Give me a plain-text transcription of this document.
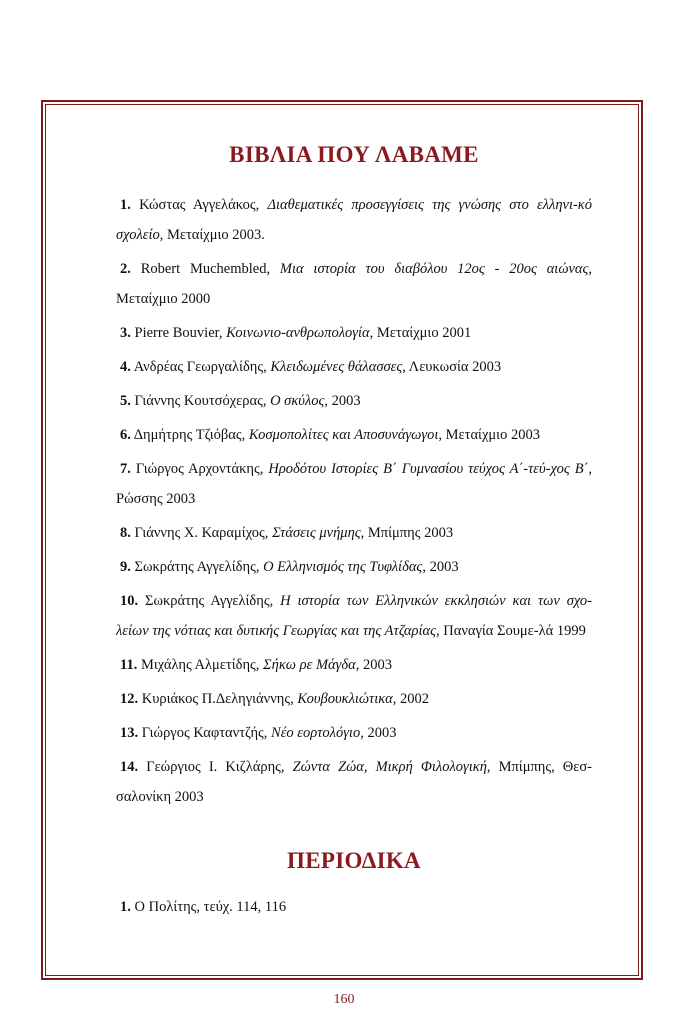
ΒΙΒΛΙΑ ΠΟΥ ΛΑΒΑΜΕ
1. Κώστας Αγγελάκος, Διαθεματικές προσεγγίσεις της γνώσης στο ελληνι-κό σχολείο, Μεταίχμιο 2003.
2. Robert Muchembled, Μια ιστορία του διαβόλου 12ος - 20ος αιώνας, Μεταίχμιο 2000
3. Pierre Bouvier, Κοινωνιο-ανθρωπολογία, Μεταίχμιο 2001
4. Ανδρέας Γεωργαλίδης, Κλειδωμένες θάλασσες, Λευκωσία 2003
5. Γιάννης Κουτσόχερας, Ο σκύλος, 2003
6. Δημήτρης Τζιόβας, Κοσμοπολίτες και Αποσυνάγωγοι, Μεταίχμιο 2003
7. Γιώργος Αρχοντάκης, Ηροδότου Ιστορίες Β΄ Γυμνασίου τεύχος Α΄-τεύ-χος Β΄, Ρώσσης 2003
8. Γιάννης Χ. Καραμίχος, Στάσεις μνήμης, Μπίμπης 2003
9. Σωκράτης Αγγελίδης, Ο Ελληνισμός της Τυφλίδας, 2003
10. Σωκράτης Αγγελίδης, Η ιστορία των Ελληνικών εκκλησιών και των σχο-λείων της νότιας και δυτικής Γεωργίας και της Ατζαρίας, Παναγία Σουμε-λά 1999
11. Μιχάλης Αλμετίδης, Σήκω ρε Μάγδα, 2003
12. Κυριάκος Π.Δεληγιάννης, Κουβουκλιώτικα, 2002
13. Γιώργος Καφταντζής, Νέο εορτολόγιο, 2003
14. Γεώργιος Ι. Κιζλάρης, Ζώντα Ζώα, Μικρή Φιλολογική, Μπίμπης, Θεσ-σαλονίκη 2003
ΠΕΡΙΟΔΙΚΑ
1. Ο Πολίτης, τεύχ. 114, 116
160
